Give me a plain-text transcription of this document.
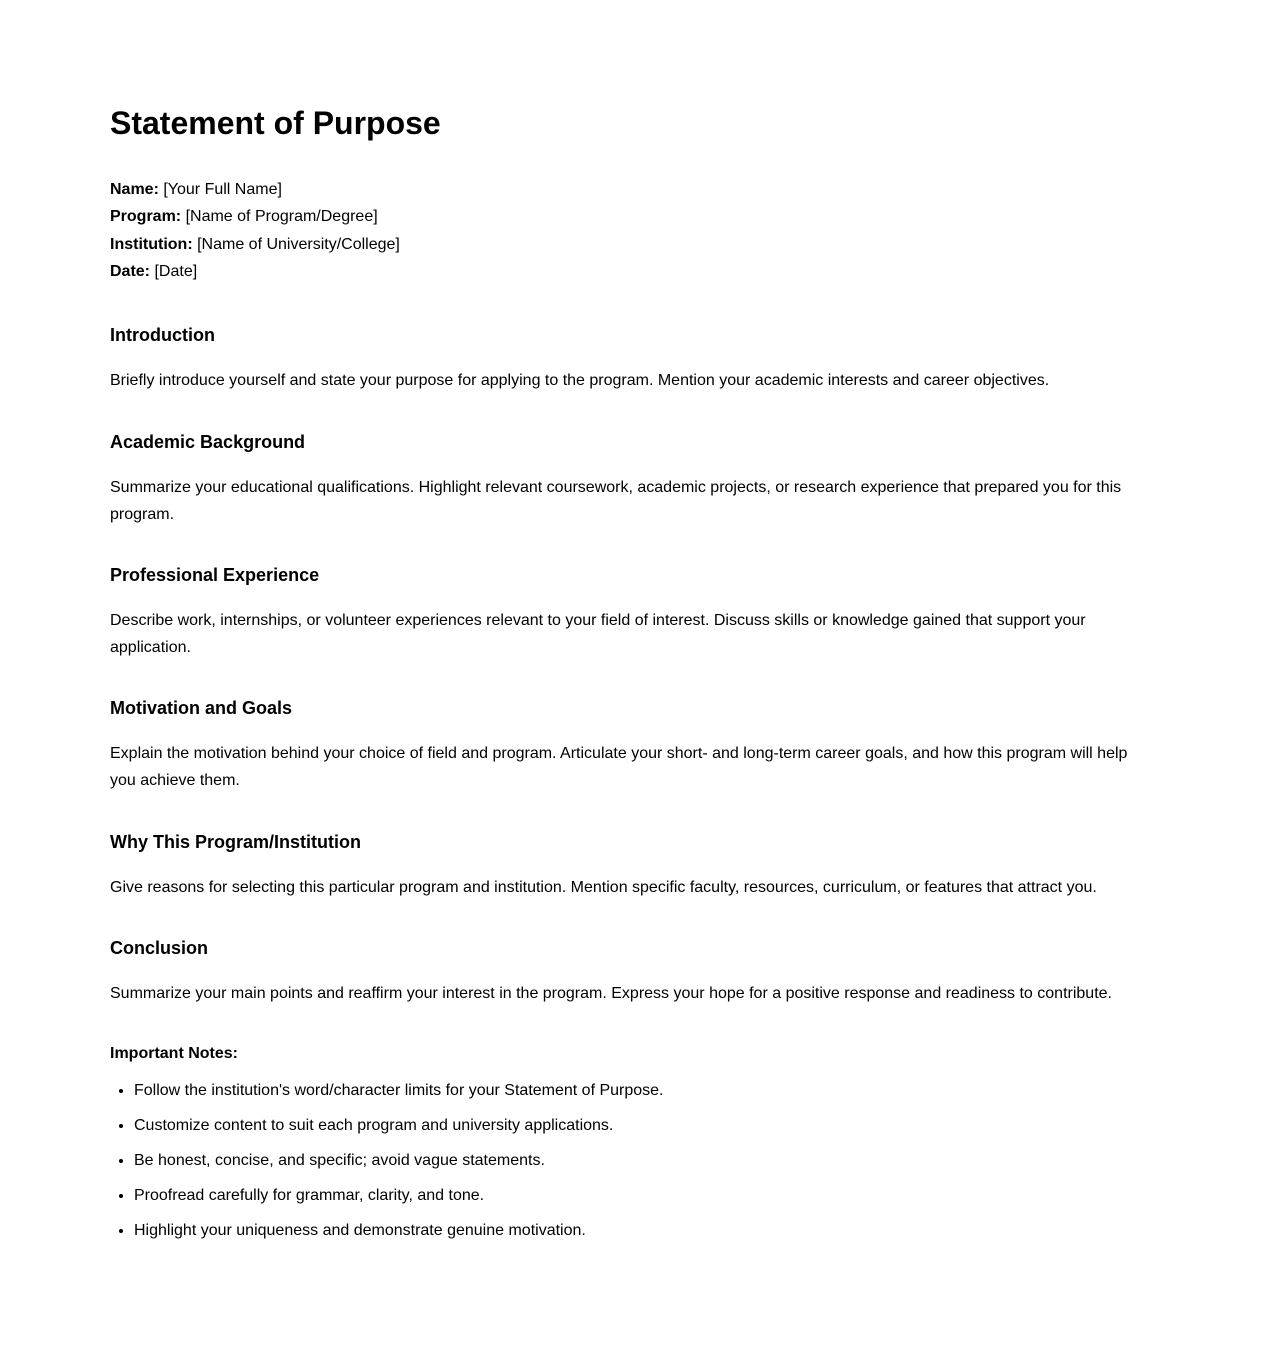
Statement of Purpose
Name: [Your Full Name]
Program: [Name of Program/Degree]
Institution: [Name of University/College]
Date: [Date]
Introduction

Briefly introduce yourself and state your purpose for applying to the program. Mention your academic interests and career objectives.

Academic Background

Summarize your educational qualifications. Highlight relevant coursework, academic projects, or research experience that prepared you for this program.

Professional Experience

Describe work, internships, or volunteer experiences relevant to your field of interest. Discuss skills or knowledge gained that support your application.

Motivation and Goals

Explain the motivation behind your choice of field and program. Articulate your short- and long-term career goals, and how this program will help you achieve them.

Why This Program/Institution

Give reasons for selecting this particular program and institution. Mention specific faculty, resources, curriculum, or features that attract you.

Conclusion

Summarize your main points and reaffirm your interest in the program. Express your hope for a positive response and readiness to contribute.

Important Notes:
• Follow the institution's word/character limits for your Statement of Purpose.
• Customize content to suit each program and university applications.
• Be honest, concise, and specific; avoid vague statements.
• Proofread carefully for grammar, clarity, and tone.
• Highlight your uniqueness and demonstrate genuine motivation.
